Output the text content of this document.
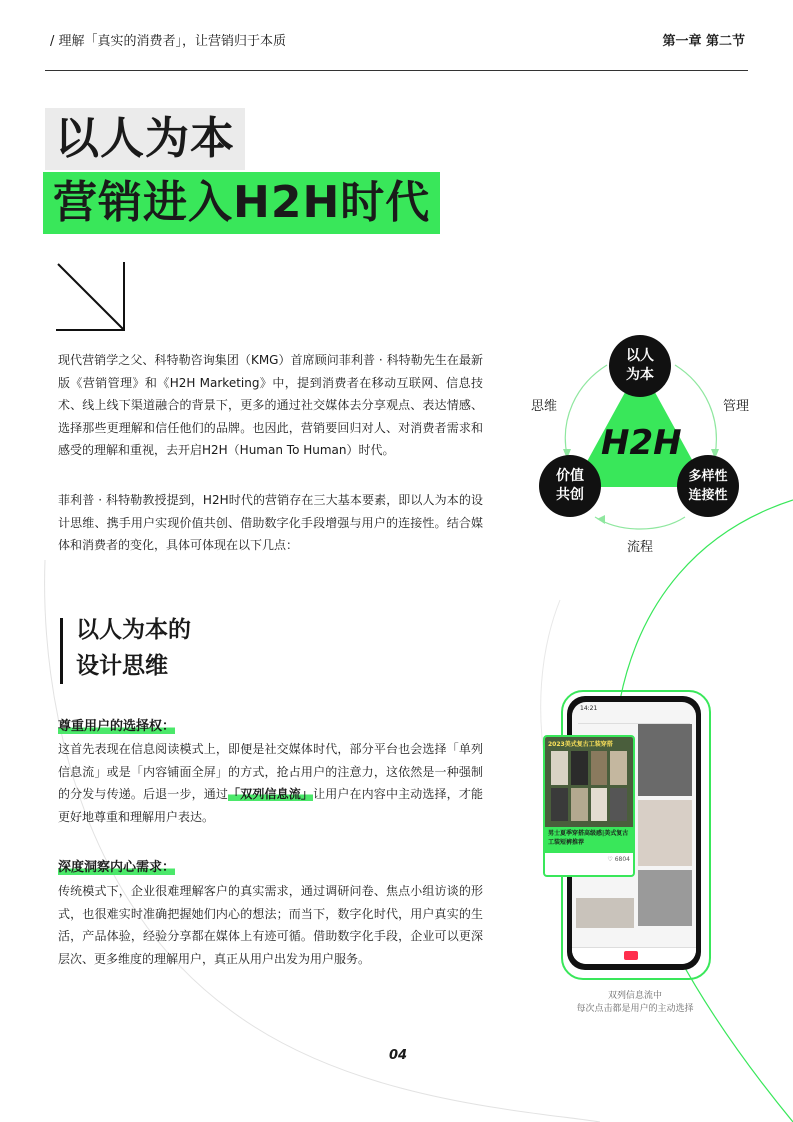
/ 理解「真实的消费者」，让营销归于本质	第一章 第二节
以人为本
营销进入H2H时代
现代营销学之父、科特勒咨询集团（KMG）首席顾问菲利普 · 科特勒先生在最新版《营销管理》和《H2H Marketing》中，提到消费者在移动互联网、信息技术、线上线下渠道融合的背景下，更多的通过社交媒体去分享观点、表达情感、选择那些更理解和信任他们的品牌。也因此，营销要回归对人、对消费者需求和感受的理解和重视，去开启H2H（Human To Human）时代。
菲利普 · 科特勒教授提到，H2H时代的营销存在三大基本要素，即以人为本的设计思维、携手用户实现价值共创、借助数字化手段增强与用户的连接性。结合媒体和消费者的变化，具体可体现在以下几点：
以人
为本
价值
共创
多样性
连接性
H2H
思维	管理
流程
以人为本的
设计思维
尊重用户的选择权：
这首先表现在信息阅读模式上，即便是社交媒体时代，部分平台也会选择「单列信息流」或是「内容铺面全屏」的方式，抢占用户的注意力，这依然是一种强制的分发与传递。后退一步，通过「双列信息流」让用户在内容中主动选择，才能更好地尊重和理解用户表达。
深度洞察内心需求：
传统模式下，企业很难理解客户的真实需求，通过调研问卷、焦点小组访谈的形式，也很难实时准确把握她们内心的想法；而当下，数字化时代，用户真实的生活，产品体验，经验分享都在媒体上有迹可循。借助数字化手段，企业可以更深层次、更多维度的理解用户，真正从用户出发为用户服务。
14:21
2023美式复古工装穿搭
男士夏季穿搭高级感|美式复古工装短裤推荐
♡ 6804
双列信息流中
每次点击都是用户的主动选择
04
